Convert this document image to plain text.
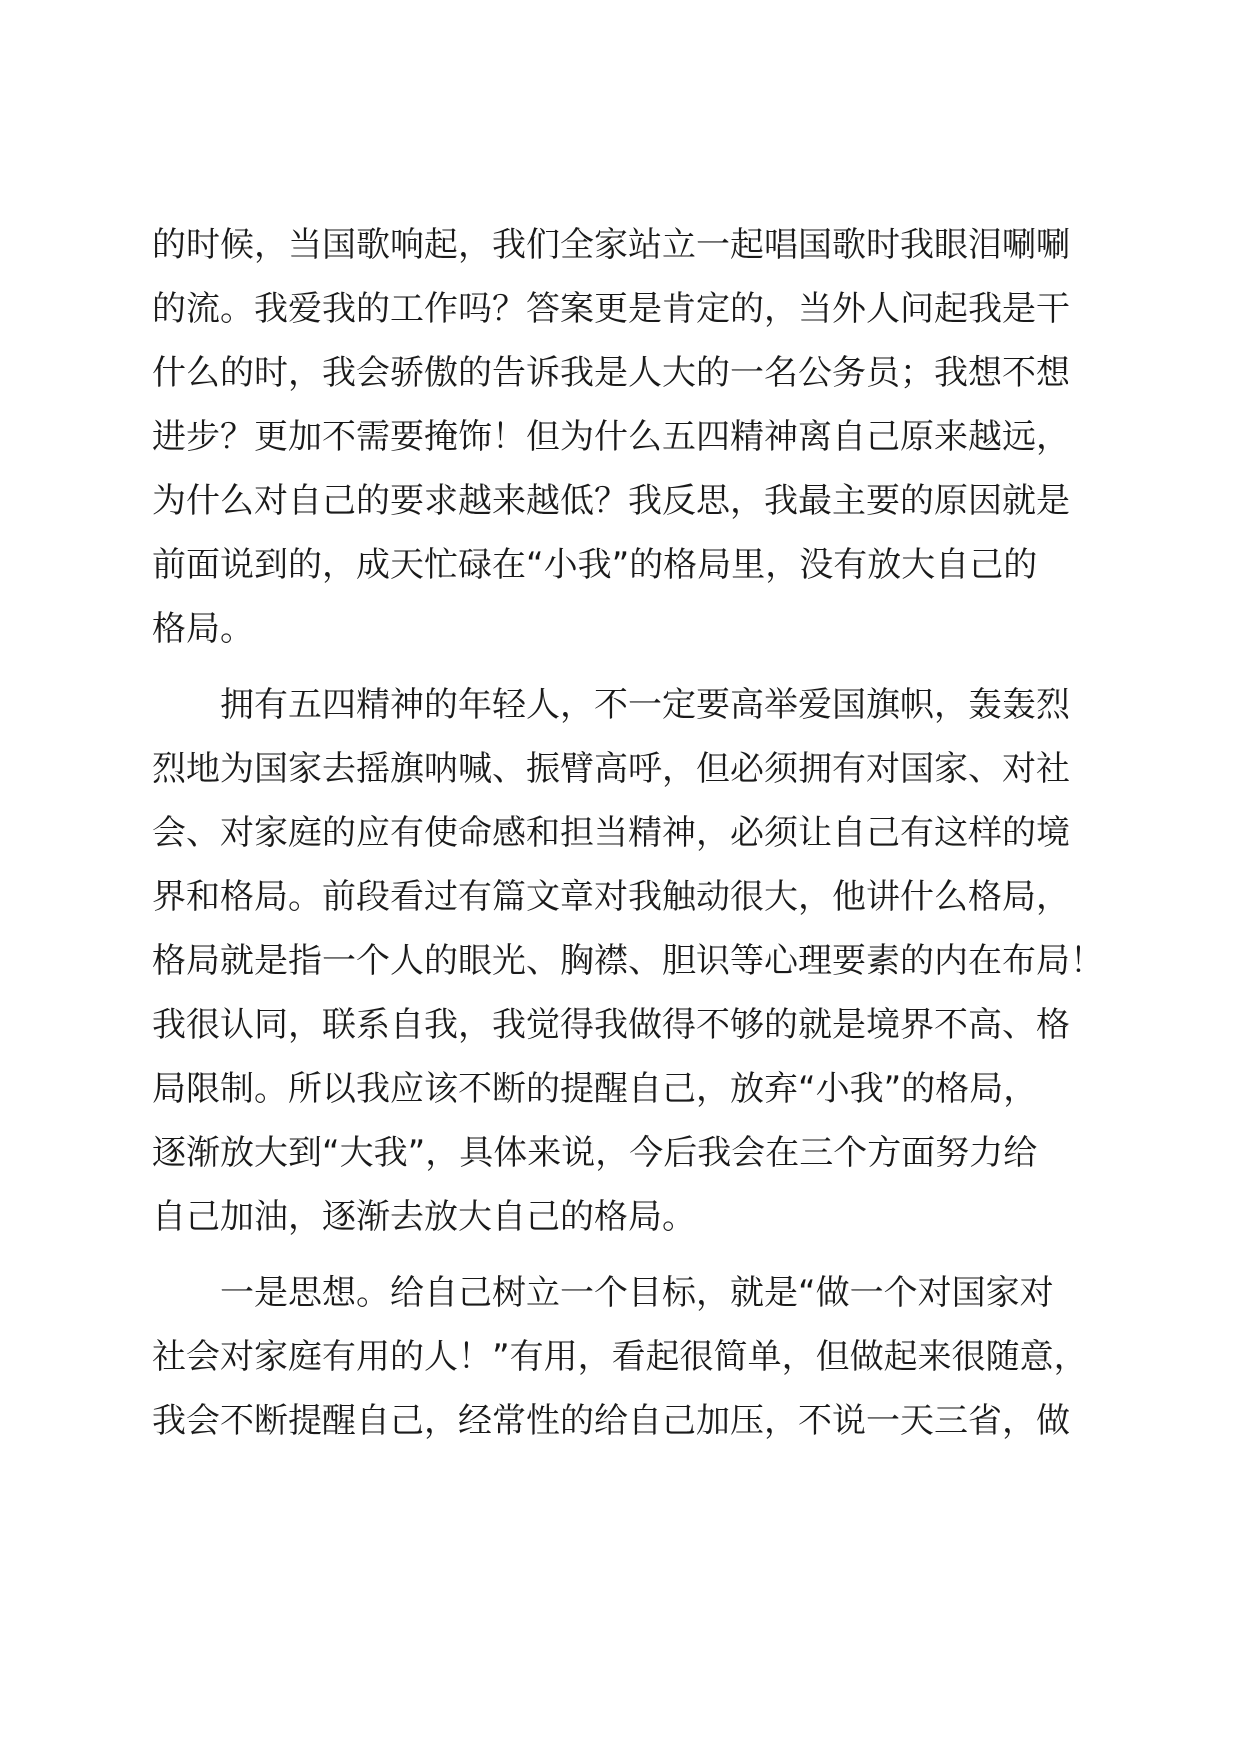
的时候，当国歌响起，我们全家站立一起唱国歌时我眼泪唰唰
的流。我爱我的工作吗？答案更是肯定的，当外人问起我是干
什么的时，我会骄傲的告诉我是人大的一名公务员；我想不想
进步？更加不需要掩饰！但为什么五四精神离自己原来越远，
为什么对自己的要求越来越低？我反思，我最主要的原因就是
前面说到的，成天忙碌在“小我”的格局里，没有放大自己的
格局。
拥有五四精神的年轻人，不一定要高举爱国旗帜，轰轰烈
烈地为国家去摇旗呐喊、振臂高呼，但必须拥有对国家、对社
会、对家庭的应有使命感和担当精神，必须让自己有这样的境
界和格局。前段看过有篇文章对我触动很大，他讲什么格局，
格局就是指一个人的眼光、胸襟、胆识等心理要素的内在布局！
我很认同，联系自我，我觉得我做得不够的就是境界不高、格
局限制。所以我应该不断的提醒自己，放弃“小我”的格局，
逐渐放大到“大我”，具体来说，今后我会在三个方面努力给
自己加油，逐渐去放大自己的格局。
一是思想。给自己树立一个目标，就是“做一个对国家对
社会对家庭有用的人！”有用，看起很简单，但做起来很随意，
我会不断提醒自己，经常性的给自己加压，不说一天三省，做
